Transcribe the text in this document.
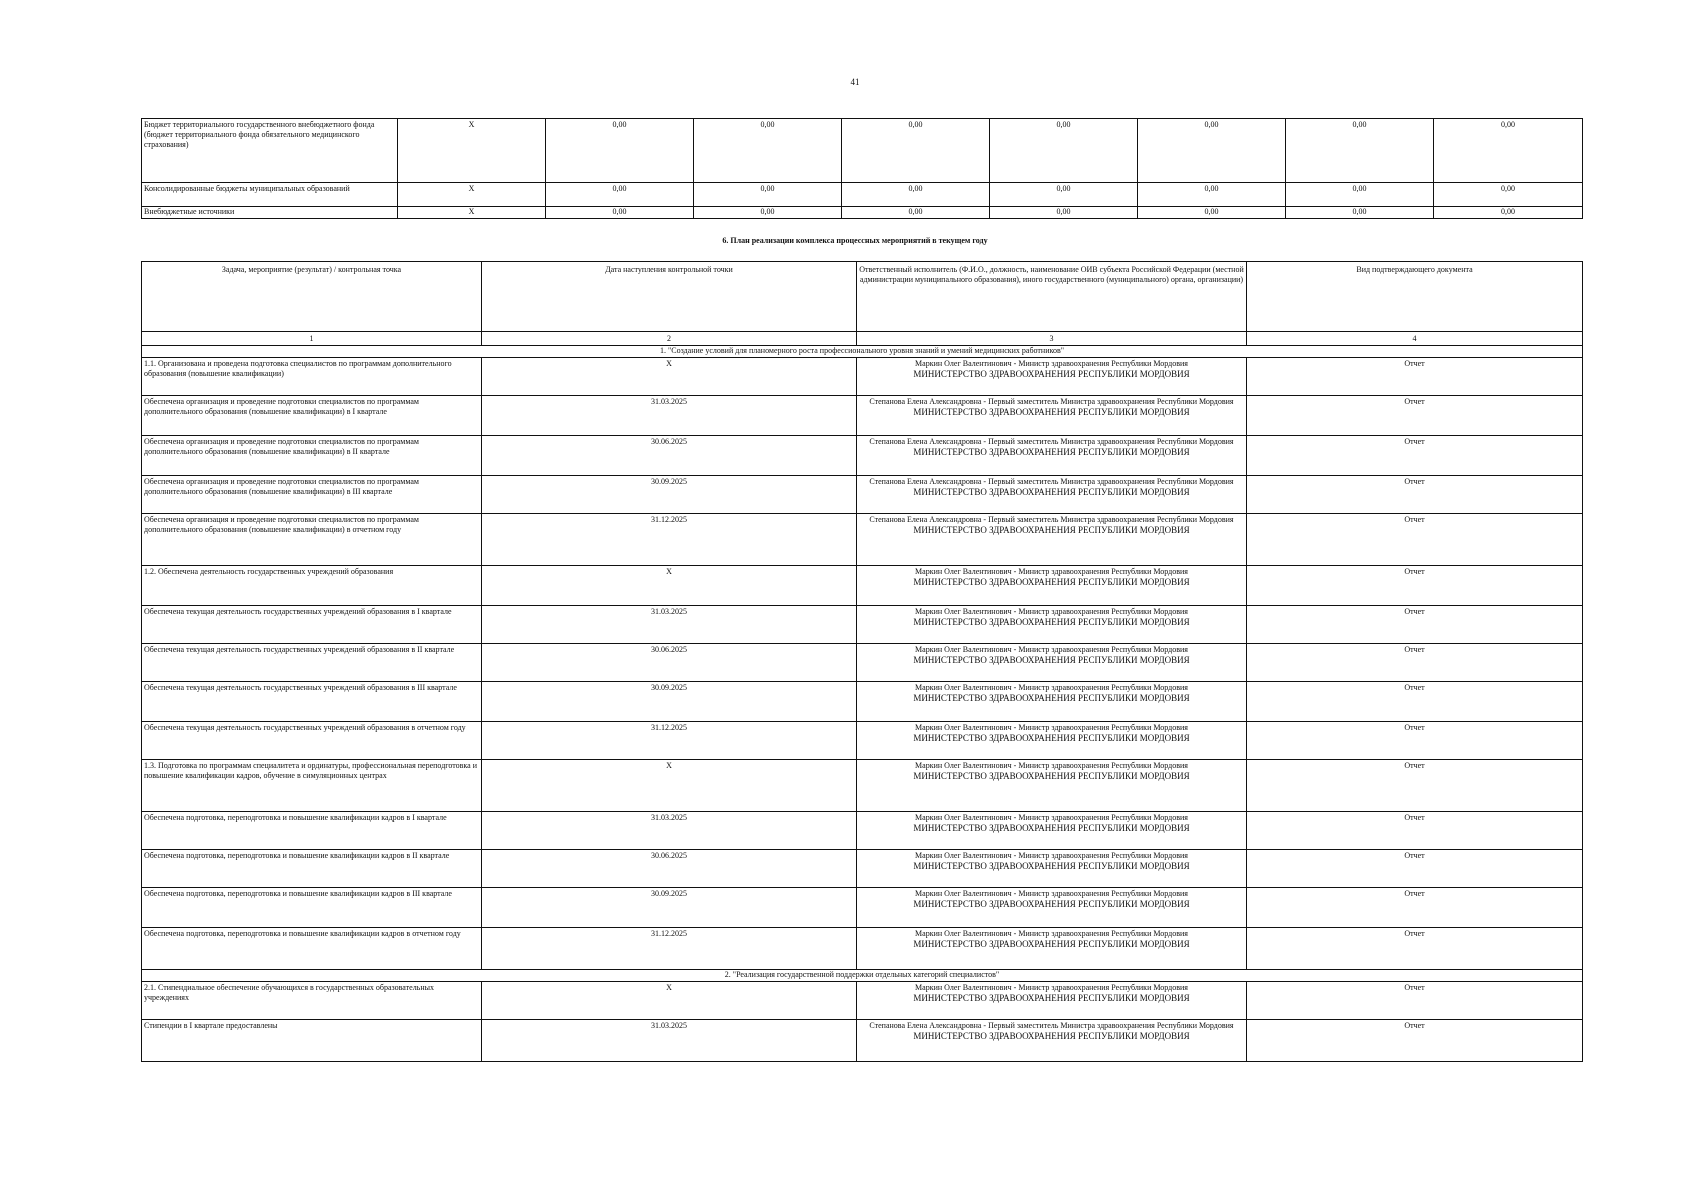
41
Бюджет территориального государственного внебюджетного фонда (бюджет территориального фонда обязательного медицинского страхования)	X	0,00	0,00	0,00	0,00	0,00	0,00	0,00
Консолидированные бюджеты муниципальных образований	X	0,00	0,00	0,00	0,00	0,00	0,00	0,00
Внебюджетные источники	X	0,00	0,00	0,00	0,00	0,00	0,00	0,00
6. План реализации комплекса процессных мероприятий в текущем году
Задача, мероприятие (результат) / контрольная точка	Дата наступления контрольной точки	Ответственный исполнитель (Ф.И.О., должность, наименование ОИВ субъекта Российской Федерации (местной администрации муниципального образования), иного государственного (муниципального) органа, организации)	Вид подтверждающего документа
1	2	3	4
1. "Создание условий для планомерного роста профессионального уровня знаний и умений медицинских работников"			
1.1. Организована и проведена подготовка специалистов по программам дополнительного образования (повышение квалификации)	X	Маркин Олег Валентинович - Министр здравоохранения Республики Мордовия
МИНИСТЕРСТВО ЗДРАВООХРАНЕНИЯ РЕСПУБЛИКИ МОРДОВИЯ	Отчет
Обеспечена организация и проведение подготовки специалистов по программам дополнительного образования (повышение квалификации) в I квартале	31.03.2025	Степанова Елена Александровна - Первый заместитель Министра здравоохранения Республики Мордовия
МИНИСТЕРСТВО ЗДРАВООХРАНЕНИЯ РЕСПУБЛИКИ МОРДОВИЯ	Отчет
Обеспечена организация и проведение подготовки специалистов по программам дополнительного образования (повышение квалификации) в II квартале	30.06.2025	Степанова Елена Александровна - Первый заместитель Министра здравоохранения Республики Мордовия
МИНИСТЕРСТВО ЗДРАВООХРАНЕНИЯ РЕСПУБЛИКИ МОРДОВИЯ	Отчет
Обеспечена организация и проведение подготовки специалистов по программам дополнительного образования (повышение квалификации) в III квартале	30.09.2025	Степанова Елена Александровна - Первый заместитель Министра здравоохранения Республики Мордовия
МИНИСТЕРСТВО ЗДРАВООХРАНЕНИЯ РЕСПУБЛИКИ МОРДОВИЯ	Отчет
Обеспечена организация и проведение подготовки специалистов по программам дополнительного образования (повышение квалификации) в отчетном году	31.12.2025	Степанова Елена Александровна - Первый заместитель Министра здравоохранения Республики Мордовия
МИНИСТЕРСТВО ЗДРАВООХРАНЕНИЯ РЕСПУБЛИКИ МОРДОВИЯ	Отчет
1.2. Обеспечена деятельность государственных учреждений образования	X	Маркин Олег Валентинович - Министр здравоохранения Республики Мордовия
МИНИСТЕРСТВО ЗДРАВООХРАНЕНИЯ РЕСПУБЛИКИ МОРДОВИЯ	Отчет
Обеспечена текущая деятельность государственных учреждений образования в I квартале	31.03.2025	Маркин Олег Валентинович - Министр здравоохранения Республики Мордовия
МИНИСТЕРСТВО ЗДРАВООХРАНЕНИЯ РЕСПУБЛИКИ МОРДОВИЯ	Отчет
Обеспечена текущая деятельность государственных учреждений образования в II квартале	30.06.2025	Маркин Олег Валентинович - Министр здравоохранения Республики Мордовия
МИНИСТЕРСТВО ЗДРАВООХРАНЕНИЯ РЕСПУБЛИКИ МОРДОВИЯ	Отчет
Обеспечена текущая деятельность государственных учреждений образования в III квартале	30.09.2025	Маркин Олег Валентинович - Министр здравоохранения Республики Мордовия
МИНИСТЕРСТВО ЗДРАВООХРАНЕНИЯ РЕСПУБЛИКИ МОРДОВИЯ	Отчет
Обеспечена текущая деятельность государственных учреждений образования в отчетном году	31.12.2025	Маркин Олег Валентинович - Министр здравоохранения Республики Мордовия
МИНИСТЕРСТВО ЗДРАВООХРАНЕНИЯ РЕСПУБЛИКИ МОРДОВИЯ	Отчет
1.3. Подготовка по программам специалитета и ординатуры, профессиональная переподготовка и повышение квалификации кадров, обучение в симуляционных центрах	X	Маркин Олег Валентинович - Министр здравоохранения Республики Мордовия
МИНИСТЕРСТВО ЗДРАВООХРАНЕНИЯ РЕСПУБЛИКИ МОРДОВИЯ	Отчет
Обеспечена подготовка, переподготовка и повышение квалификации кадров в I квартале	31.03.2025	Маркин Олег Валентинович - Министр здравоохранения Республики Мордовия
МИНИСТЕРСТВО ЗДРАВООХРАНЕНИЯ РЕСПУБЛИКИ МОРДОВИЯ	Отчет
Обеспечена подготовка, переподготовка и повышение квалификации кадров в II квартале	30.06.2025	Маркин Олег Валентинович - Министр здравоохранения Республики Мордовия
МИНИСТЕРСТВО ЗДРАВООХРАНЕНИЯ РЕСПУБЛИКИ МОРДОВИЯ	Отчет
Обеспечена подготовка, переподготовка и повышение квалификации кадров в III квартале	30.09.2025	Маркин Олег Валентинович - Министр здравоохранения Республики Мордовия
МИНИСТЕРСТВО ЗДРАВООХРАНЕНИЯ РЕСПУБЛИКИ МОРДОВИЯ	Отчет
Обеспечена подготовка, переподготовка и повышение квалификации кадров в отчетном году	31.12.2025	Маркин Олег Валентинович - Министр здравоохранения Республики Мордовия
МИНИСТЕРСТВО ЗДРАВООХРАНЕНИЯ РЕСПУБЛИКИ МОРДОВИЯ	Отчет
2. "Реализация государственной поддержки отдельных категорий специалистов"			
2.1. Стипендиальное обеспечение обучающихся в государственных образовательных учреждениях	X	Маркин Олег Валентинович - Министр здравоохранения Республики Мордовия
МИНИСТЕРСТВО ЗДРАВООХРАНЕНИЯ РЕСПУБЛИКИ МОРДОВИЯ	Отчет
Стипендии в I квартале предоставлены	31.03.2025	Степанова Елена Александровна - Первый заместитель Министра здравоохранения Республики Мордовия
МИНИСТЕРСТВО ЗДРАВООХРАНЕНИЯ РЕСПУБЛИКИ МОРДОВИЯ	Отчет
